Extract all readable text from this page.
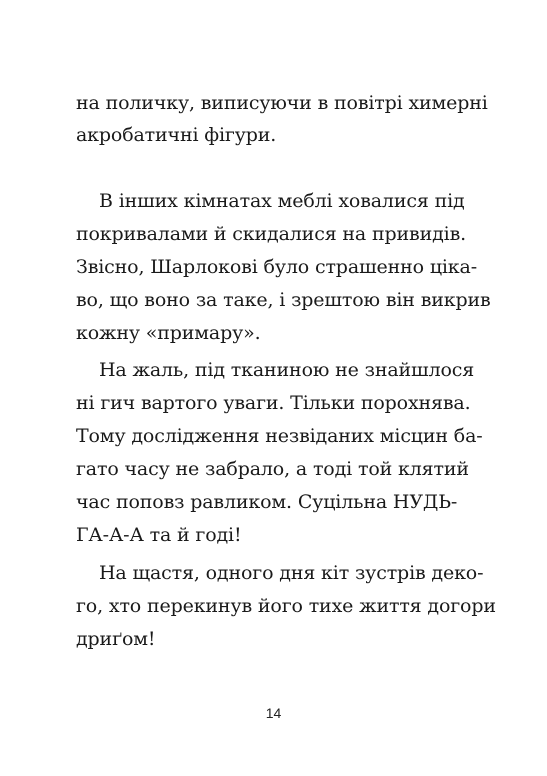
на поличку, виписуючи в повітрі химерні
акробатичні фігури.
В інших кімнатах меблі ховалися під
покривалами й скидалися на привидів.
Звісно, Шарлокові було страшенно ціка-
во, що воно за таке, і зрештою він викрив
кожну «примару».
На жаль, під тканиною не знайшлося
ні гич вартого уваги. Тільки порохнява.
Тому дослідження незвіданих місцин ба-
гато часу не забрало, а тоді той клятий
час поповз равликом. Суцільна НУДЬ-
ГА-А-А та й годі!
На щастя, одного дня кіт зустрів деко-
го, хто перекинув його тихе життя догори
дриґом!
14
